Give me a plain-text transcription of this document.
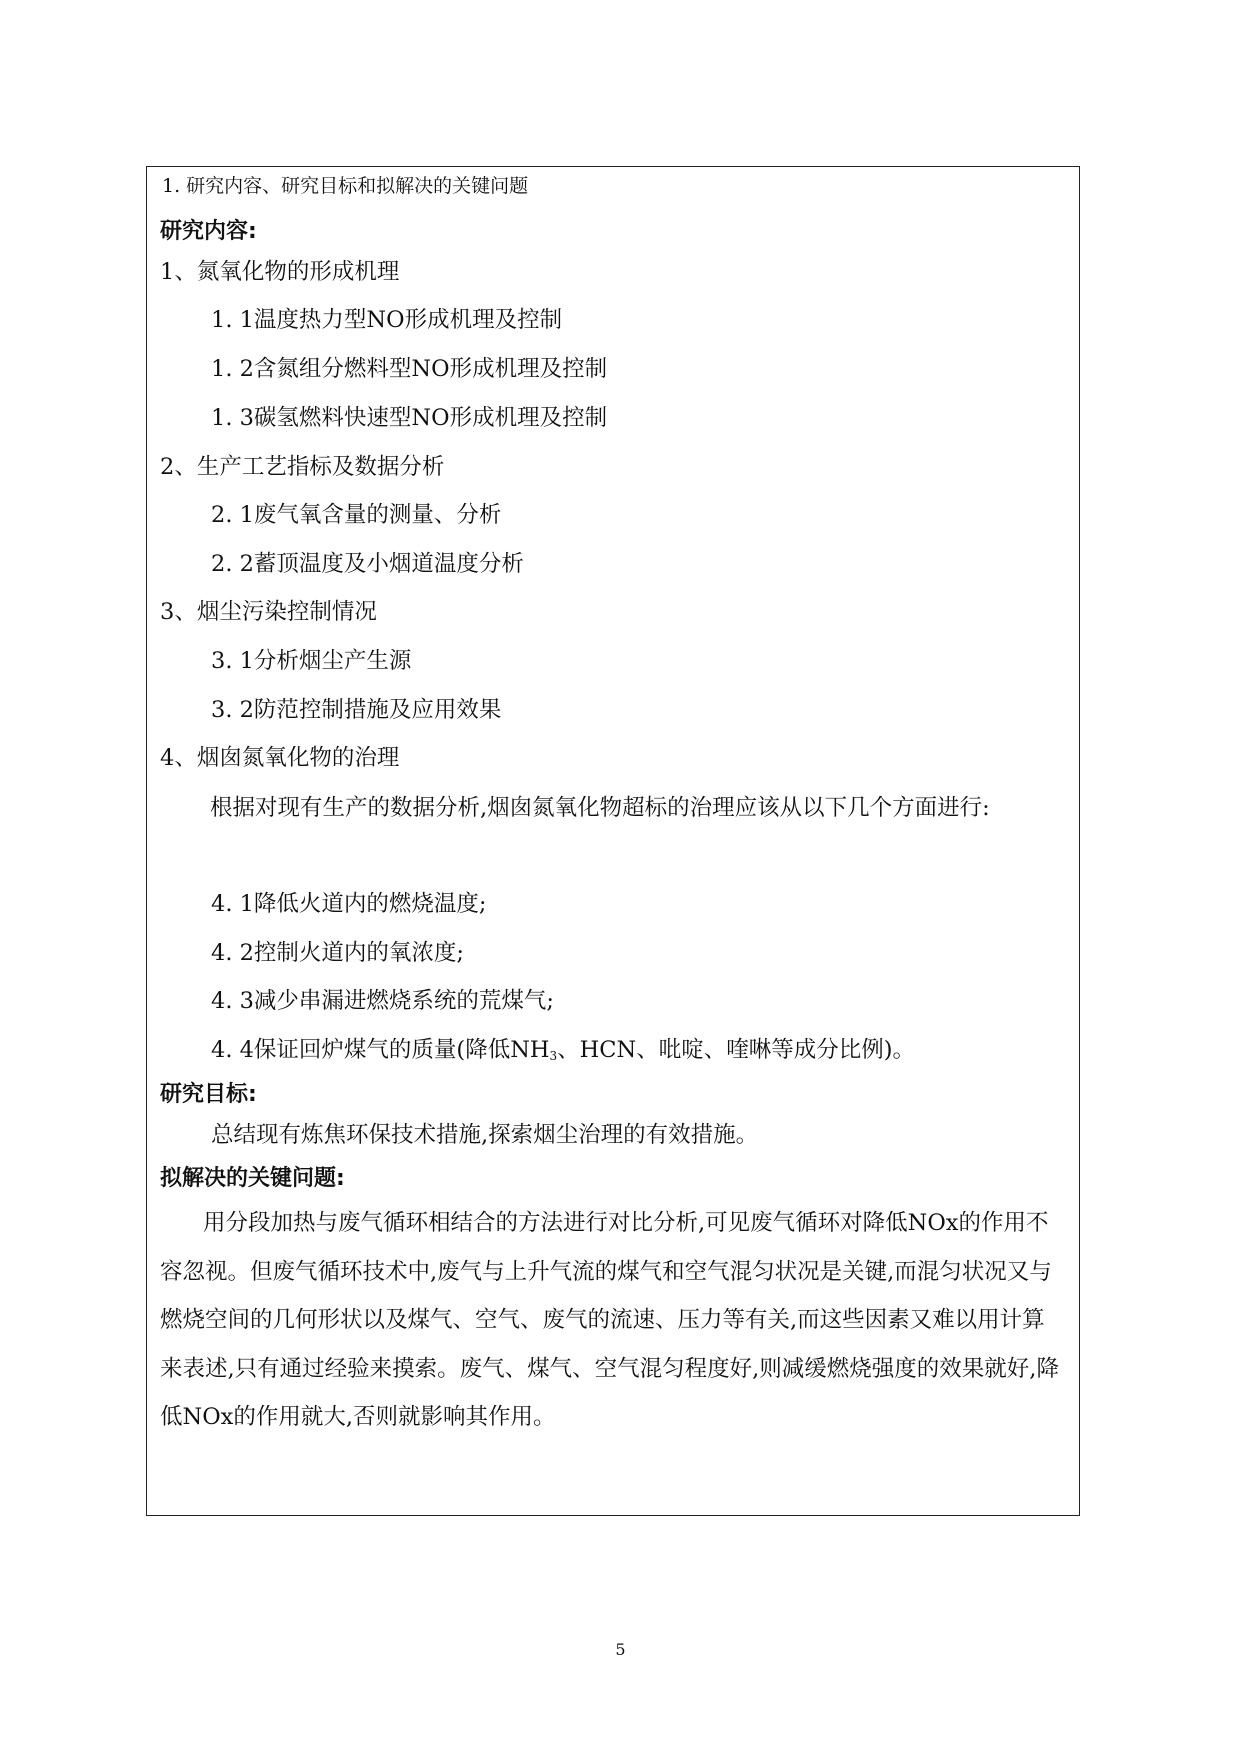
1. 研究内容、研究目标和拟解决的关键问题
研究内容:
1、氮氧化物的形成机理
1. 1温度热力型NO形成机理及控制
1. 2含氮组分燃料型NO形成机理及控制
1. 3碳氢燃料快速型NO形成机理及控制
2、生产工艺指标及数据分析
2. 1废气氧含量的测量、分析
2. 2蓄顶温度及小烟道温度分析
3、烟尘污染控制情况
3. 1分析烟尘产生源
3. 2防范控制措施及应用效果
4、烟囱氮氧化物的治理
根据对现有生产的数据分析,烟囱氮氧化物超标的治理应该从以下几个方面进行:
4. 1降低火道内的燃烧温度;
4. 2控制火道内的氧浓度;
4. 3减少串漏进燃烧系统的荒煤气;
4. 4保证回炉煤气的质量(降低$NH_3$、HCN、吡啶、喹啉等成分比例)。
研究目标:
总结现有炼焦环保技术措施,探索烟尘治理的有效措施。
拟解决的关键问题:
用分段加热与废气循环相结合的方法进行对比分析,可见废气循环对降低NOx的作用不容忽视。但废气循环技术中,废气与上升气流的煤气和空气混匀状况是关键,而混匀状况又与燃烧空间的几何形状以及煤气、空气、废气的流速、压力等有关,而这些因素又难以用计算来表述,只有通过经验来摸索。废气、煤气、空气混匀程度好,则减缓燃烧强度的效果就好,降低NOx的作用就大,否则就影响其作用。
5
